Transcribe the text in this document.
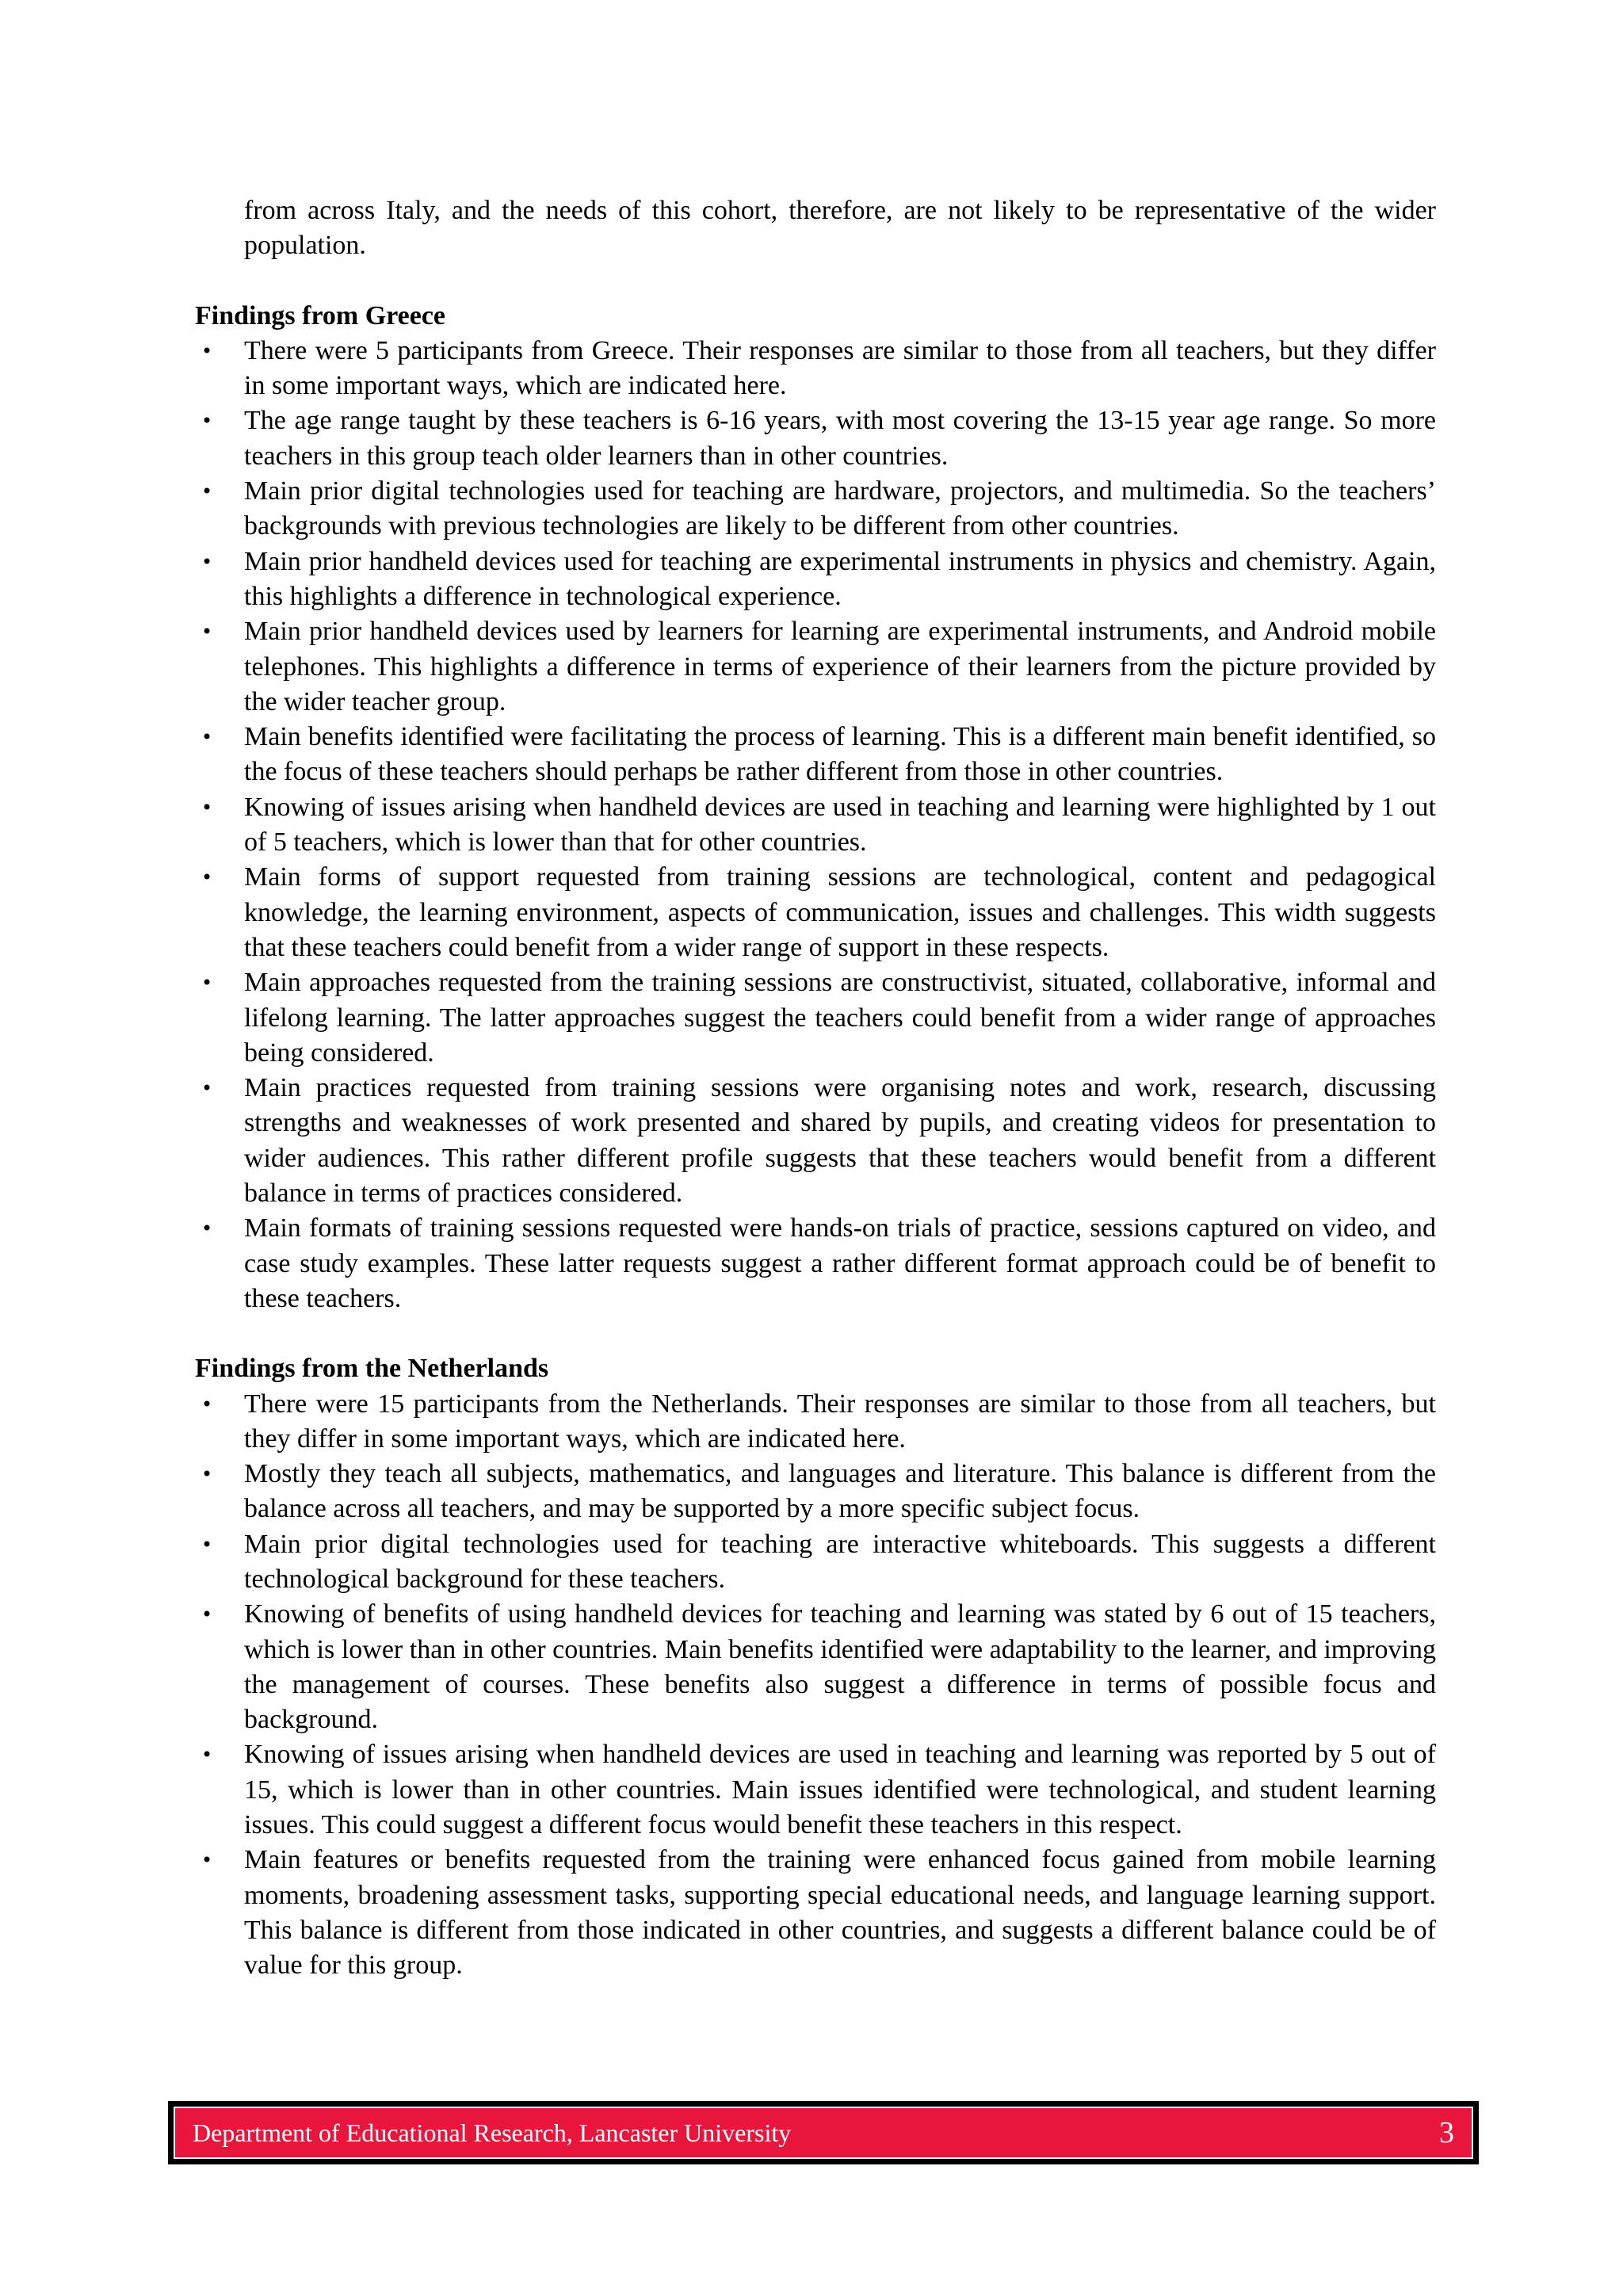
from across Italy, and the needs of this cohort, therefore, are not likely to be representative of the wider population.

Findings from Greece

• There were 5 participants from Greece. Their responses are similar to those from all teachers, but they differ in some important ways, which are indicated here.
• The age range taught by these teachers is 6-16 years, with most covering the 13-15 year age range. So more teachers in this group teach older learners than in other countries.
• Main prior digital technologies used for teaching are hardware, projectors, and multimedia. So the teachers’ backgrounds with previous technologies are likely to be different from other countries.
• Main prior handheld devices used for teaching are experimental instruments in physics and chemistry. Again, this highlights a difference in technological experience.
• Main prior handheld devices used by learners for learning are experimental instruments, and Android mobile telephones. This highlights a difference in terms of experience of their learners from the picture provided by the wider teacher group.
• Main benefits identified were facilitating the process of learning. This is a different main benefit identified, so the focus of these teachers should perhaps be rather different from those in other countries.
• Knowing of issues arising when handheld devices are used in teaching and learning were highlighted by 1 out of 5 teachers, which is lower than that for other countries.
• Main forms of support requested from training sessions are technological, content and pedagogical knowledge, the learning environment, aspects of communication, issues and challenges. This width suggests that these teachers could benefit from a wider range of support in these respects.
• Main approaches requested from the training sessions are constructivist, situated, collaborative, informal and lifelong learning. The latter approaches suggest the teachers could benefit from a wider range of approaches being considered.
• Main practices requested from training sessions were organising notes and work, research, discussing strengths and weaknesses of work presented and shared by pupils, and creating videos for presentation to wider audiences. This rather different profile suggests that these teachers would benefit from a different balance in terms of practices considered.
• Main formats of training sessions requested were hands-on trials of practice, sessions captured on video, and case study examples. These latter requests suggest a rather different format approach could be of benefit to these teachers.

Findings from the Netherlands

• There were 15 participants from the Netherlands. Their responses are similar to those from all teachers, but they differ in some important ways, which are indicated here.
• Mostly they teach all subjects, mathematics, and languages and literature. This balance is different from the balance across all teachers, and may be supported by a more specific subject focus.
• Main prior digital technologies used for teaching are interactive whiteboards. This suggests a different technological background for these teachers.
• Knowing of benefits of using handheld devices for teaching and learning was stated by 6 out of 15 teachers, which is lower than in other countries. Main benefits identified were adaptability to the learner, and improving the management of courses. These benefits also suggest a difference in terms of possible focus and background.
• Knowing of issues arising when handheld devices are used in teaching and learning was reported by 5 out of 15, which is lower than in other countries. Main issues identified were technological, and student learning issues. This could suggest a different focus would benefit these teachers in this respect.
• Main features or benefits requested from the training were enhanced focus gained from mobile learning moments, broadening assessment tasks, supporting special educational needs, and language learning support. This balance is different from those indicated in other countries, and suggests a different balance could be of value for this group.
Department of Educational Research, Lancaster University	3
